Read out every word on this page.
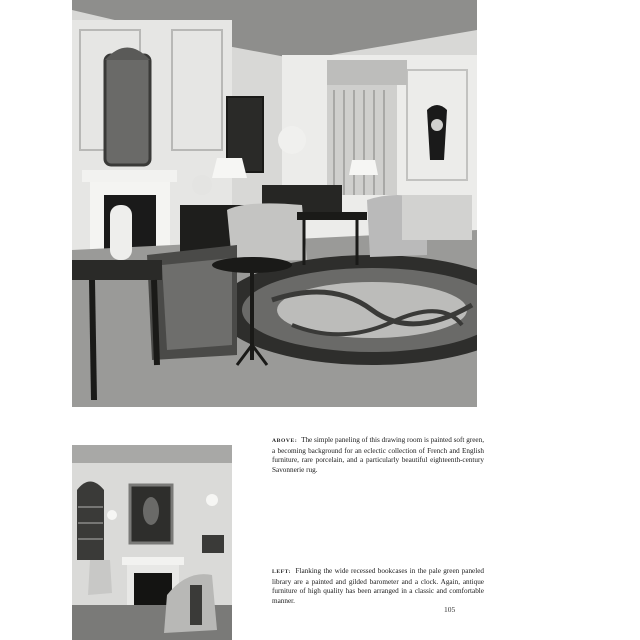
ABOVE: The simple paneling of this drawing room is painted soft green, a becoming background for an eclectic collection of French and English furniture, rare porcelain, and a particularly beautiful eighteenth-century Savonnerie rug.
LEFT: Flanking the wide recessed bookcases in the pale green paneled library are a painted and gilded barometer and a clock. Again, antique furniture of high quality has been arranged in a classic and comfortable manner.
105
